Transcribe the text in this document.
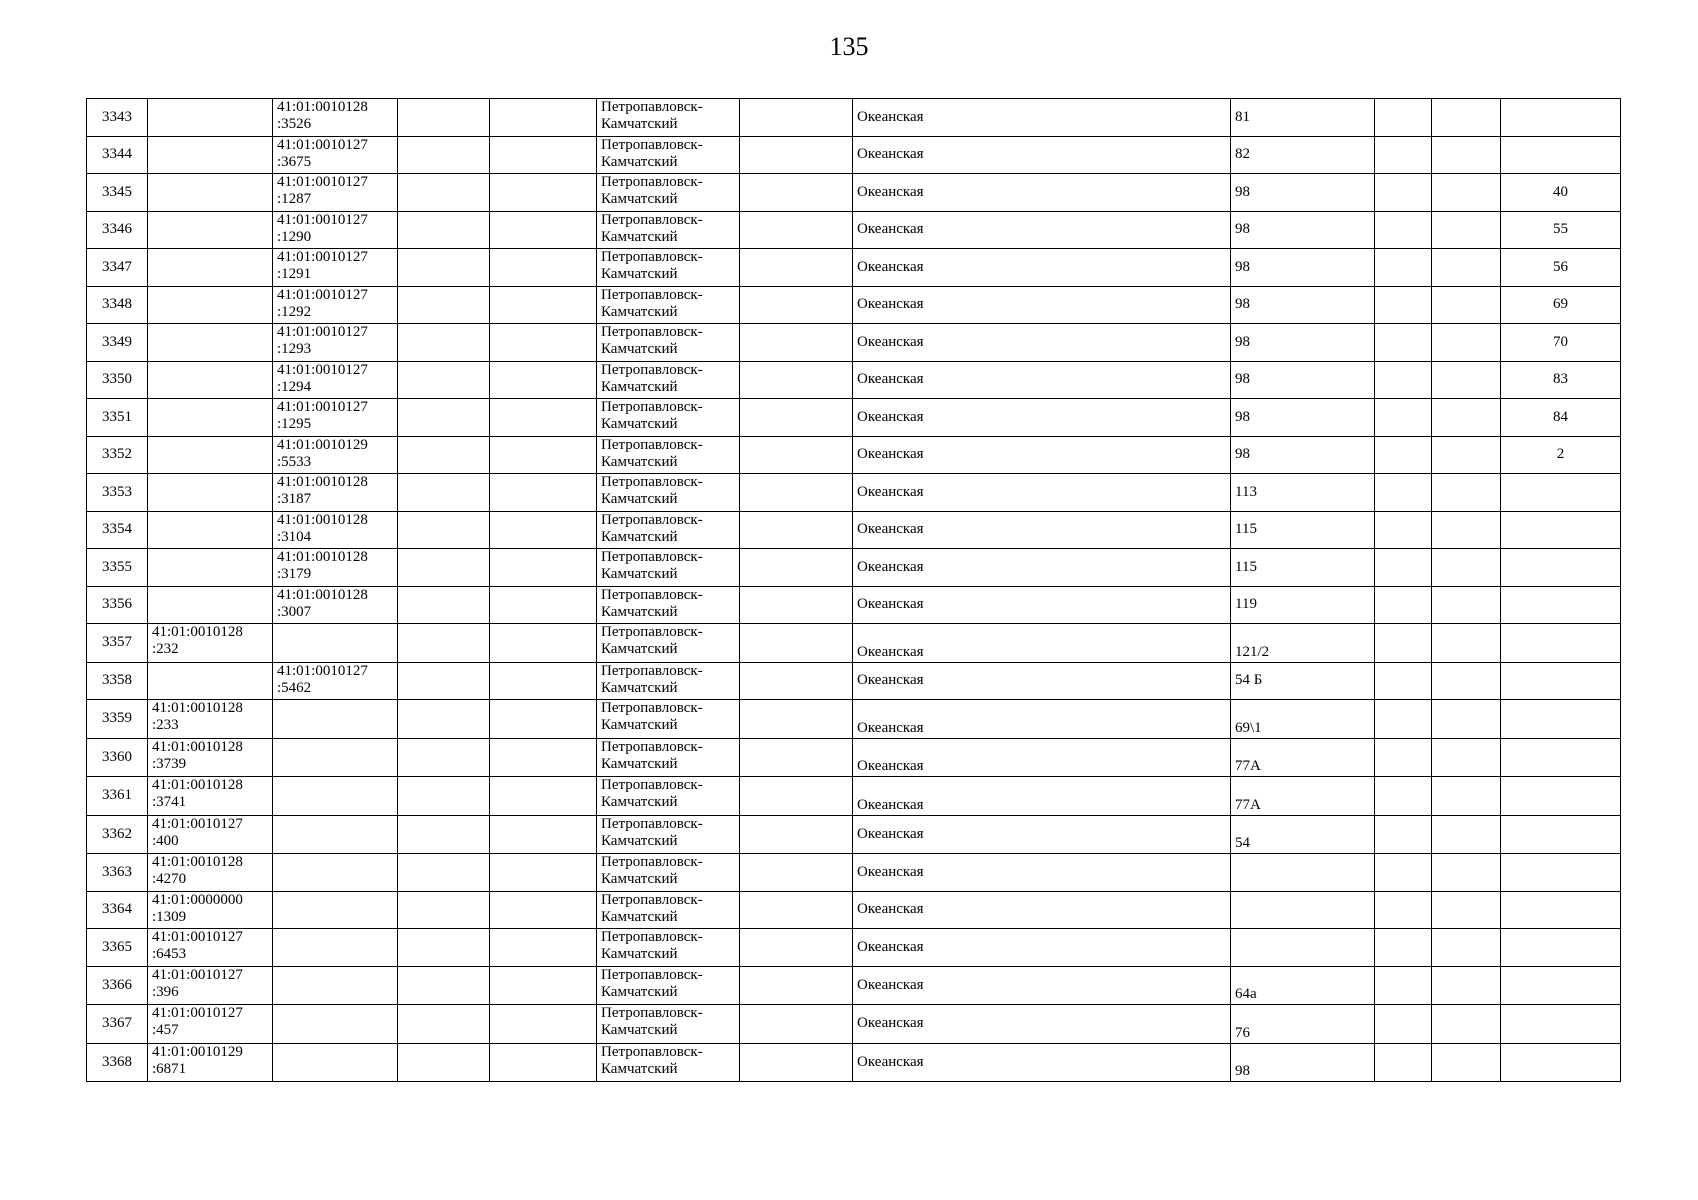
135
3343		41:01:0010128
:3526			Петропавловск-
Камчатский		Океанская	81			
3344		41:01:0010127
:3675			Петропавловск-
Камчатский		Океанская	82			
3345		41:01:0010127
:1287			Петропавловск-
Камчатский		Океанская	98			40
3346		41:01:0010127
:1290			Петропавловск-
Камчатский		Океанская	98			55
3347		41:01:0010127
:1291			Петропавловск-
Камчатский		Океанская	98			56
3348		41:01:0010127
:1292			Петропавловск-
Камчатский		Океанская	98			69
3349		41:01:0010127
:1293			Петропавловск-
Камчатский		Океанская	98			70
3350		41:01:0010127
:1294			Петропавловск-
Камчатский		Океанская	98			83
3351		41:01:0010127
:1295			Петропавловск-
Камчатский		Океанская	98			84
3352		41:01:0010129
:5533			Петропавловск-
Камчатский		Океанская	98			2
3353		41:01:0010128
:3187			Петропавловск-
Камчатский		Океанская	113			
3354		41:01:0010128
:3104			Петропавловск-
Камчатский		Океанская	115			
3355		41:01:0010128
:3179			Петропавловск-
Камчатский		Океанская	115			
3356		41:01:0010128
:3007			Петропавловск-
Камчатский		Океанская	119			
3357	41:01:0010128
:232				Петропавловск-
Камчатский		Океанская	121/2			
3358		41:01:0010127
:5462			Петропавловск-
Камчатский		Океанская	54 Б			
3359	41:01:0010128
:233				Петропавловск-
Камчатский		Океанская	69\1			
3360	41:01:0010128
:3739				Петропавловск-
Камчатский		Океанская	77А			
3361	41:01:0010128
:3741				Петропавловск-
Камчатский		Океанская	77А			
3362	41:01:0010127
:400				Петропавловск-
Камчатский		Океанская	54			
3363	41:01:0010128
:4270				Петропавловск-
Камчатский		Океанская				
3364	41:01:0000000
:1309				Петропавловск-
Камчатский		Океанская				
3365	41:01:0010127
:6453				Петропавловск-
Камчатский		Океанская				
3366	41:01:0010127
:396				Петропавловск-
Камчатский		Океанская	64а			
3367	41:01:0010127
:457				Петропавловск-
Камчатский		Океанская	76			
3368	41:01:0010129
:6871				Петропавловск-
Камчатский		Океанская	98			
